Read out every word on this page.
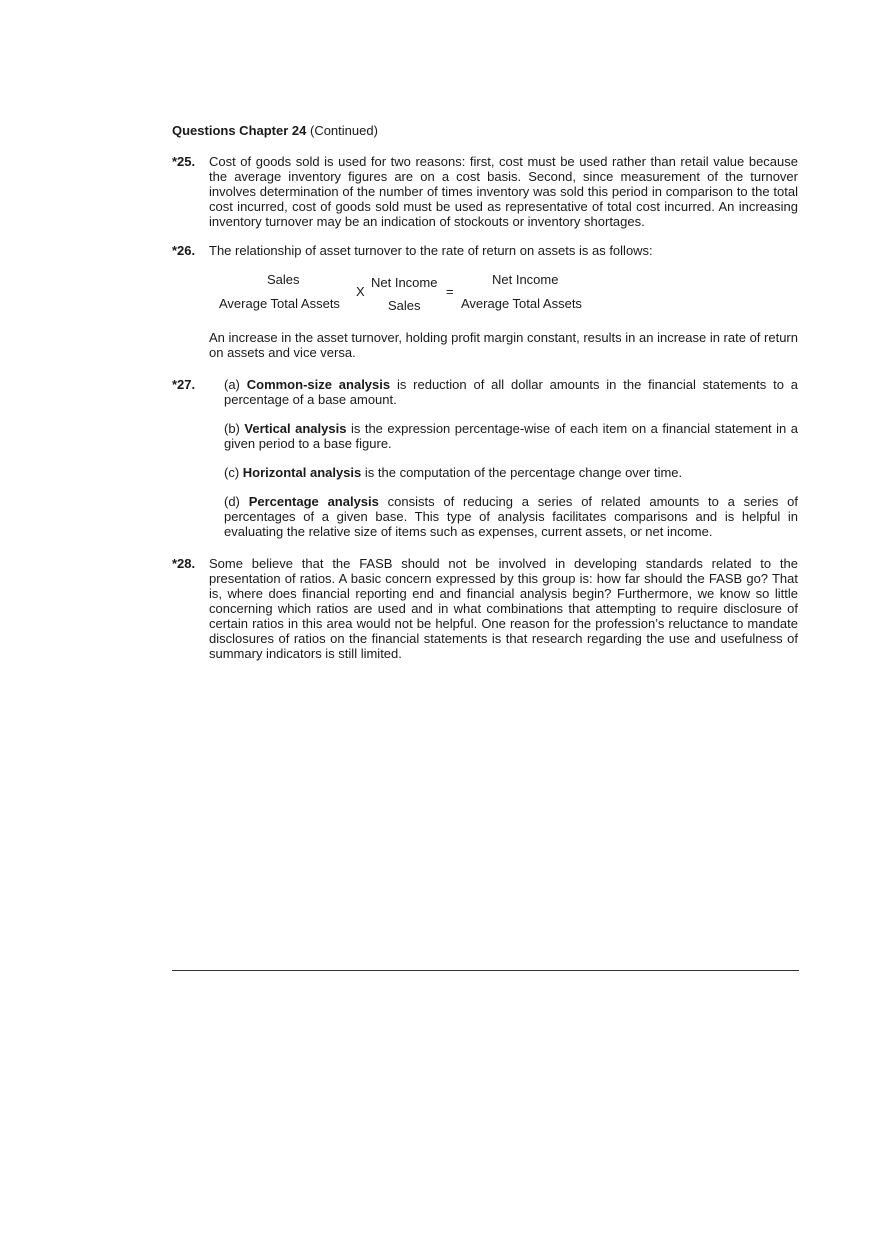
Questions Chapter 24 (Continued)
*25. Cost of goods sold is used for two reasons: first, cost must be used rather than retail value because the average inventory figures are on a cost basis. Second, since measurement of the turnover involves determination of the number of times inventory was sold this period in comparison to the total cost incurred, cost of goods sold must be used as representative of total cost incurred. An increasing inventory turnover may be an indication of stockouts or inventory shortages.

*26. The relationship of asset turnover to the rate of return on assets is as follows:

Sales
Average Total Assets
X
Net Income
Sales
=
Net Income
Average Total Assets

An increase in the asset turnover, holding profit margin constant, results in an increase in rate of return on assets and vice versa.

*27. (a) Common-size analysis is reduction of all dollar amounts in the financial statements to a percentage of a base amount.
(b) Vertical analysis is the expression percentage-wise of each item on a financial statement in a given period to a base figure.
(c) Horizontal analysis is the computation of the percentage change over time.
(d) Percentage analysis consists of reducing a series of related amounts to a series of percentages of a given base. This type of analysis facilitates comparisons and is helpful in evaluating the relative size of items such as expenses, current assets, or net income.
*28. Some believe that the FASB should not be involved in developing standards related to the presentation of ratios. A basic concern expressed by this group is: how far should the FASB go? That is, where does financial reporting end and financial analysis begin? Furthermore, we know so little concerning which ratios are used and in what combinations that attempting to require disclosure of certain ratios in this area would not be helpful. One reason for the profession’s reluctance to mandate disclosures of ratios on the financial statements is that research regarding the use and usefulness of summary indicators is still limited.
